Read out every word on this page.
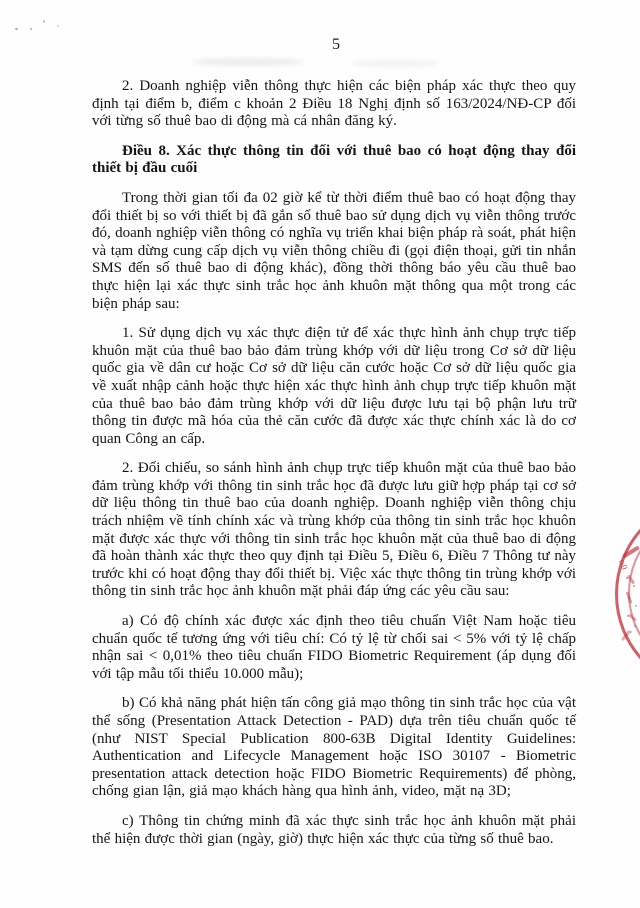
5

2. Doanh nghiệp viễn thông thực hiện các biện pháp xác thực theo quy định tại điểm b, điểm c khoản 2 Điều 18 Nghị định số 163/2024/NĐ-CP đối với từng số thuê bao di động mà cá nhân đăng ký.

Điều 8. Xác thực thông tin đối với thuê bao có hoạt động thay đổi thiết bị đầu cuối

Trong thời gian tối đa 02 giờ kể từ thời điểm thuê bao có hoạt động thay đổi thiết bị so với thiết bị đã gắn số thuê bao sử dụng dịch vụ viễn thông trước đó, doanh nghiệp viễn thông có nghĩa vụ triển khai biện pháp rà soát, phát hiện và tạm dừng cung cấp dịch vụ viễn thông chiều đi (gọi điện thoại, gửi tin nhắn SMS đến số thuê bao di động khác), đồng thời thông báo yêu cầu thuê bao thực hiện lại xác thực sinh trắc học ảnh khuôn mặt thông qua một trong các biện pháp sau:

1. Sử dụng dịch vụ xác thực điện tử để xác thực hình ảnh chụp trực tiếp khuôn mặt của thuê bao bảo đảm trùng khớp với dữ liệu trong Cơ sở dữ liệu quốc gia về dân cư hoặc Cơ sở dữ liệu căn cước hoặc Cơ sở dữ liệu quốc gia về xuất nhập cảnh hoặc thực hiện xác thực hình ảnh chụp trực tiếp khuôn mặt của thuê bao bảo đảm trùng khớp với dữ liệu được lưu tại bộ phận lưu trữ thông tin được mã hóa của thẻ căn cước đã được xác thực chính xác là do cơ quan Công an cấp.

2. Đối chiếu, so sánh hình ảnh chụp trực tiếp khuôn mặt của thuê bao bảo đảm trùng khớp với thông tin sinh trắc học đã được lưu giữ hợp pháp tại cơ sở dữ liệu thông tin thuê bao của doanh nghiệp. Doanh nghiệp viễn thông chịu trách nhiệm về tính chính xác và trùng khớp của thông tin sinh trắc học khuôn mặt được xác thực với thông tin sinh trắc học khuôn mặt của thuê bao di động đã hoàn thành xác thực theo quy định tại Điều 5, Điều 6, Điều 7 Thông tư này trước khi có hoạt động thay đổi thiết bị. Việc xác thực thông tin trùng khớp với thông tin sinh trắc học ảnh khuôn mặt phải đáp ứng các yêu cầu sau:

a) Có độ chính xác được xác định theo tiêu chuẩn Việt Nam hoặc tiêu chuẩn quốc tế tương ứng với tiêu chí: Có tỷ lệ từ chối sai < 5% với tỷ lệ chấp nhận sai < 0,01% theo tiêu chuẩn FIDO Biometric Requirement (áp dụng đối với tập mẫu tối thiểu 10.000 mẫu);

b) Có khả năng phát hiện tấn công giả mạo thông tin sinh trắc học của vật thể sống (Presentation Attack Detection - PAD) dựa trên tiêu chuẩn quốc tế (như NIST Special Publication 800-63B Digital Identity Guidelines: Authentication and Lifecycle Management hoặc ISO 30107 - Biometric presentation attack detection hoặc FIDO Biometric Requirements) để phòng, chống gian lận, giả mạo khách hàng qua hình ảnh, video, mặt nạ 3D;

c) Thông tin chứng minh đã xác thực sinh trắc học ảnh khuôn mặt phải thể hiện được thời gian (ngày, giờ) thực hiện xác thực của từng số thuê bao.

o0
